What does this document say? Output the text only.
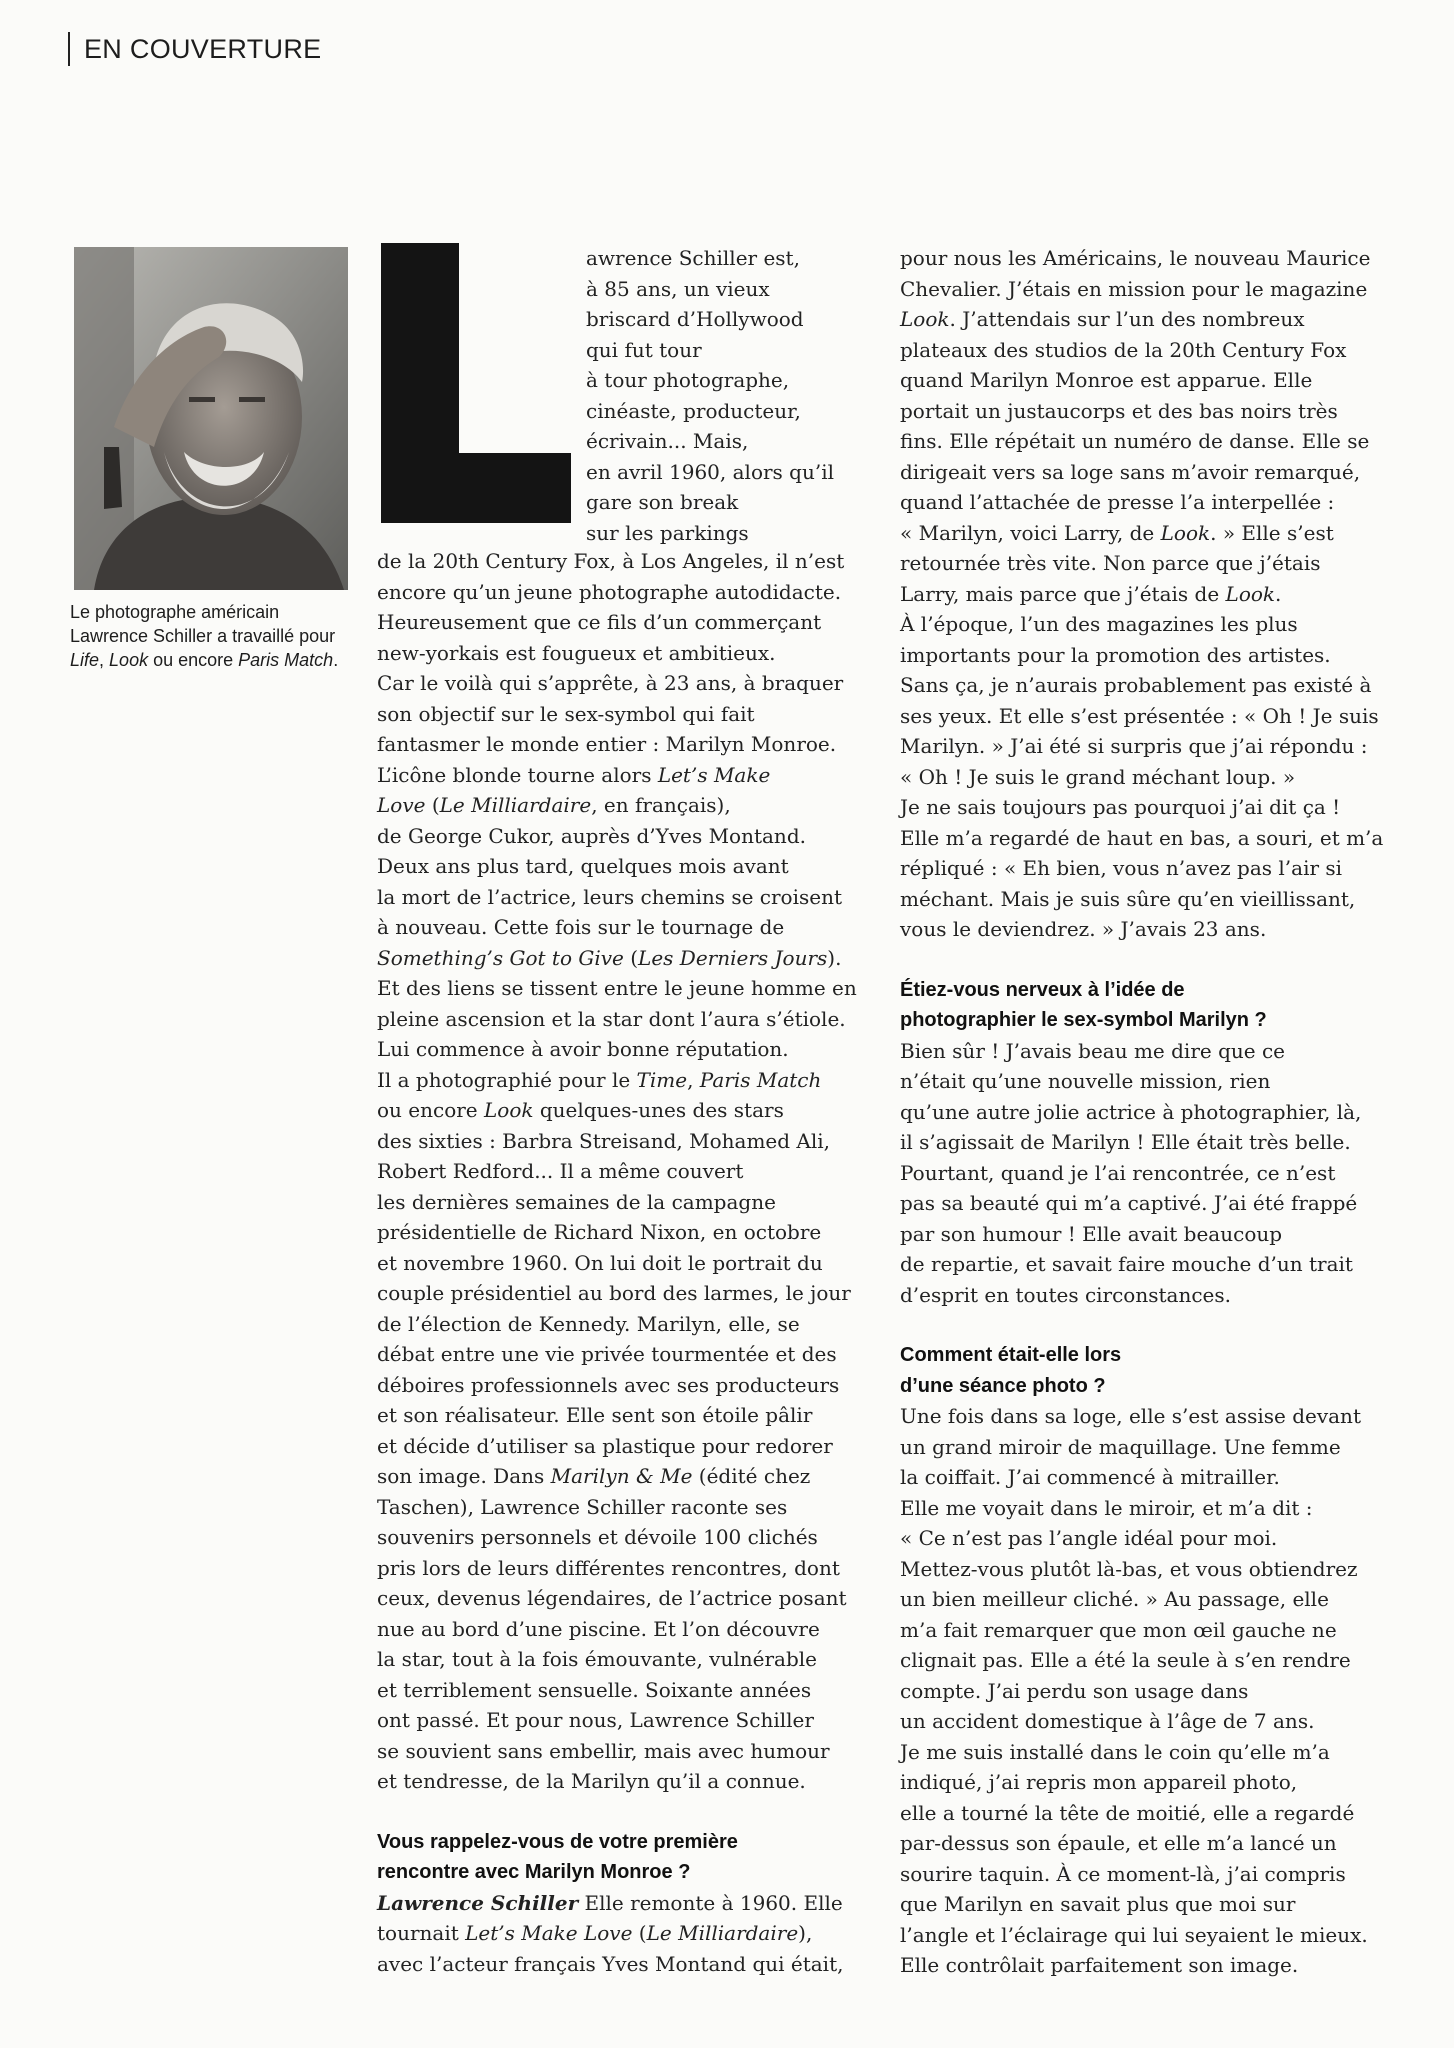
EN COUVERTURE
Le photographe américain
Lawrence Schiller a travaillé pour
Life, Look ou encore Paris Match.
awrence Schiller est,
à 85 ans, un vieux
briscard d’Hollywood
qui fut tour
à tour photographe,
cinéaste, producteur,
écrivain... Mais,
en avril 1960, alors qu’il
gare son break
sur les parkings
de la 20th Century Fox, à Los Angeles, il n’est
encore qu’un jeune photographe autodidacte.
Heureusement que ce fils d’un commerçant
new-yorkais est fougueux et ambitieux.
Car le voilà qui s’apprête, à 23 ans, à braquer
son objectif sur le sex-symbol qui fait
fantasmer le monde entier : Marilyn Monroe.
L’icône blonde tourne alors Let’s Make
Love (Le Milliardaire, en français),
de George Cukor, auprès d’Yves Montand.
Deux ans plus tard, quelques mois avant
la mort de l’actrice, leurs chemins se croisent
à nouveau. Cette fois sur le tournage de
Something’s Got to Give (Les Derniers Jours).
Et des liens se tissent entre le jeune homme en
pleine ascension et la star dont l’aura s’étiole.
Lui commence à avoir bonne réputation.
Il a photographié pour le Time, Paris Match
ou encore Look quelques-unes des stars
des sixties : Barbra Streisand, Mohamed Ali,
Robert Redford... Il a même couvert
les dernières semaines de la campagne
présidentielle de Richard Nixon, en octobre
et novembre 1960. On lui doit le portrait du
couple présidentiel au bord des larmes, le jour
de l’élection de Kennedy. Marilyn, elle, se
débat entre une vie privée tourmentée et des
déboires professionnels avec ses producteurs
et son réalisateur. Elle sent son étoile pâlir
et décide d’utiliser sa plastique pour redorer
son image. Dans Marilyn & Me (édité chez
Taschen), Lawrence Schiller raconte ses
souvenirs personnels et dévoile 100 clichés
pris lors de leurs différentes rencontres, dont
ceux, devenus légendaires, de l’actrice posant
nue au bord d’une piscine. Et l’on découvre
la star, tout à la fois émouvante, vulnérable
et terriblement sensuelle. Soixante années
ont passé. Et pour nous, Lawrence Schiller
se souvient sans embellir, mais avec humour
et tendresse, de la Marilyn qu’il a connue.
Vous rappelez-vous de votre première
rencontre avec Marilyn Monroe ?
Lawrence Schiller Elle remonte à 1960. Elle
tournait Let’s Make Love (Le Milliardaire),
avec l’acteur français Yves Montand qui était,
pour nous les Américains, le nouveau Maurice
Chevalier. J’étais en mission pour le magazine
Look. J’attendais sur l’un des nombreux
plateaux des studios de la 20th Century Fox
quand Marilyn Monroe est apparue. Elle
portait un justaucorps et des bas noirs très
fins. Elle répétait un numéro de danse. Elle se
dirigeait vers sa loge sans m’avoir remarqué,
quand l’attachée de presse l’a interpellée :
« Marilyn, voici Larry, de Look. » Elle s’est
retournée très vite. Non parce que j’étais
Larry, mais parce que j’étais de Look.
À l’époque, l’un des magazines les plus
importants pour la promotion des artistes.
Sans ça, je n’aurais probablement pas existé à
ses yeux. Et elle s’est présentée : « Oh ! Je suis
Marilyn. » J’ai été si surpris que j’ai répondu :
« Oh ! Je suis le grand méchant loup. »
Je ne sais toujours pas pourquoi j’ai dit ça !
Elle m’a regardé de haut en bas, a souri, et m’a
répliqué : « Eh bien, vous n’avez pas l’air si
méchant. Mais je suis sûre qu’en vieillissant,
vous le deviendrez. » J’avais 23 ans.
Étiez-vous nerveux à l’idée de
photographier le sex-symbol Marilyn ?
Bien sûr ! J’avais beau me dire que ce
n’était qu’une nouvelle mission, rien
qu’une autre jolie actrice à photographier, là,
il s’agissait de Marilyn ! Elle était très belle.
Pourtant, quand je l’ai rencontrée, ce n’est
pas sa beauté qui m’a captivé. J’ai été frappé
par son humour ! Elle avait beaucoup
de repartie, et savait faire mouche d’un trait
d’esprit en toutes circonstances.
Comment était-elle lors
d’une séance photo ?
Une fois dans sa loge, elle s’est assise devant
un grand miroir de maquillage. Une femme
la coiffait. J’ai commencé à mitrailler.
Elle me voyait dans le miroir, et m’a dit :
« Ce n’est pas l’angle idéal pour moi.
Mettez-vous plutôt là-bas, et vous obtiendrez
un bien meilleur cliché. » Au passage, elle
m’a fait remarquer que mon œil gauche ne
clignait pas. Elle a été la seule à s’en rendre
compte. J’ai perdu son usage dans
un accident domestique à l’âge de 7 ans.
Je me suis installé dans le coin qu’elle m’a
indiqué, j’ai repris mon appareil photo,
elle a tourné la tête de moitié, elle a regardé
par-dessus son épaule, et elle m’a lancé un
sourire taquin. À ce moment-là, j’ai compris
que Marilyn en savait plus que moi sur
l’angle et l’éclairage qui lui seyaient le mieux.
Elle contrôlait parfaitement son image.
